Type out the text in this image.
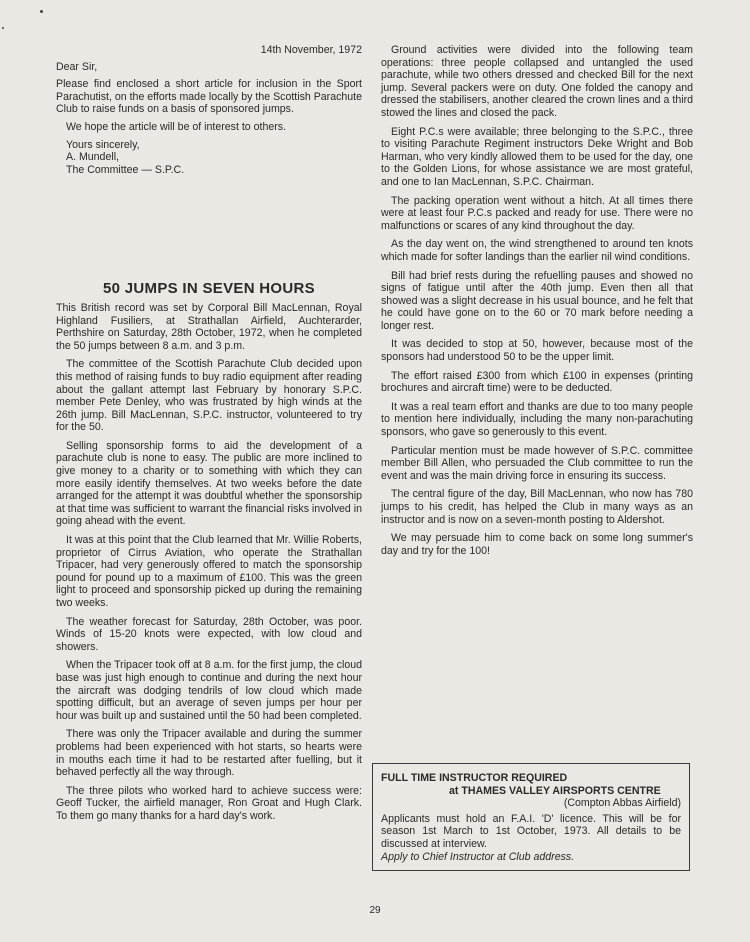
14th November, 1972

Dear Sir,

Please find enclosed a short article for inclusion in the Sport Parachutist, on the efforts made locally by the Scottish Parachute Club to raise funds on a basis of sponsored jumps.

We hope the article will be of interest to others.

Yours sincerely,
A. Mundell,
The Committee — S.P.C.
50 JUMPS IN SEVEN HOURS

This British record was set by Corporal Bill MacLennan, Royal Highland Fusiliers, at Strathallan Airfield, Auchterarder, Perthshire on Saturday, 28th October, 1972, when he completed the 50 jumps between 8 a.m. and 3 p.m.

The committee of the Scottish Parachute Club decided upon this method of raising funds to buy radio equipment after reading about the gallant attempt last February by honorary S.P.C. member Pete Denley, who was frustrated by high winds at the 26th jump. Bill MacLennan, S.P.C. instructor, volunteered to try for the 50.

Selling sponsorship forms to aid the development of a parachute club is none to easy. The public are more inclined to give money to a charity or to something with which they can more easily identify themselves. At two weeks before the date arranged for the attempt it was doubtful whether the sponsorship at that time was sufficient to warrant the financial risks involved in going ahead with the event.

It was at this point that the Club learned that Mr. Willie Roberts, proprietor of Cirrus Aviation, who operate the Strathallan Tripacer, had very generously offered to match the sponsorship pound for pound up to a maximum of £100. This was the green light to proceed and sponsorship picked up during the remaining two weeks.

The weather forecast for Saturday, 28th October, was poor. Winds of 15-20 knots were expected, with low cloud and showers.

When the Tripacer took off at 8 a.m. for the first jump, the cloud base was just high enough to continue and during the next hour the aircraft was dodging tendrils of low cloud which made spotting difficult, but an average of seven jumps per hour per hour was built up and sustained until the 50 had been completed.

There was only the Tripacer available and during the summer problems had been experienced with hot starts, so hearts were in mouths each time it had to be restarted after fuelling, but it behaved perfectly all the way through.

The three pilots who worked hard to achieve success were: Geoff Tucker, the airfield manager, Ron Groat and Hugh Clark. To them go many thanks for a hard day's work.

Ground activities were divided into the following team operations: three people collapsed and untangled the used parachute, while two others dressed and checked Bill for the next jump. Several packers were on duty. One folded the canopy and dressed the stabilisers, another cleared the crown lines and a third stowed the lines and closed the pack.

Eight P.C.s were available; three belonging to the S.P.C., three to visiting Parachute Regiment instructors Deke Wright and Bob Harman, who very kindly allowed them to be used for the day, one to the Golden Lions, for whose assistance we are most grateful, and one to Ian MacLennan, S.P.C. Chairman.

The packing operation went without a hitch. At all times there were at least four P.C.s packed and ready for use. There were no malfunctions or scares of any kind throughout the day.

As the day went on, the wind strengthened to around ten knots which made for softer landings than the earlier nil wind conditions.

Bill had brief rests during the refuelling pauses and showed no signs of fatigue until after the 40th jump. Even then all that showed was a slight decrease in his usual bounce, and he felt that he could have gone on to the 60 or 70 mark before needing a longer rest.

It was decided to stop at 50, however, because most of the sponsors had understood 50 to be the upper limit.

The effort raised £300 from which £100 in expenses (printing brochures and aircraft time) were to be deducted.

It was a real team effort and thanks are due to too many people to mention here individually, including the many non-parachuting sponsors, who gave so generously to this event.

Particular mention must be made however of S.P.C. committee member Bill Allen, who persuaded the Club committee to run the event and was the main driving force in ensuring its success.

The central figure of the day, Bill MacLennan, who now has 780 jumps to his credit, has helped the Club in many ways as an instructor and is now on a seven-month posting to Aldershot.

We may persuade him to come back on some long summer's day and try for the 100!

FULL TIME INSTRUCTOR REQUIRED
at THAMES VALLEY AIRSPORTS CENTRE
(Compton Abbas Airfield)
Applicants must hold an F.A.I. 'D' licence. This will be for season 1st March to 1st October, 1973. All details to be discussed at interview.
Apply to Chief Instructor at Club address.
29
